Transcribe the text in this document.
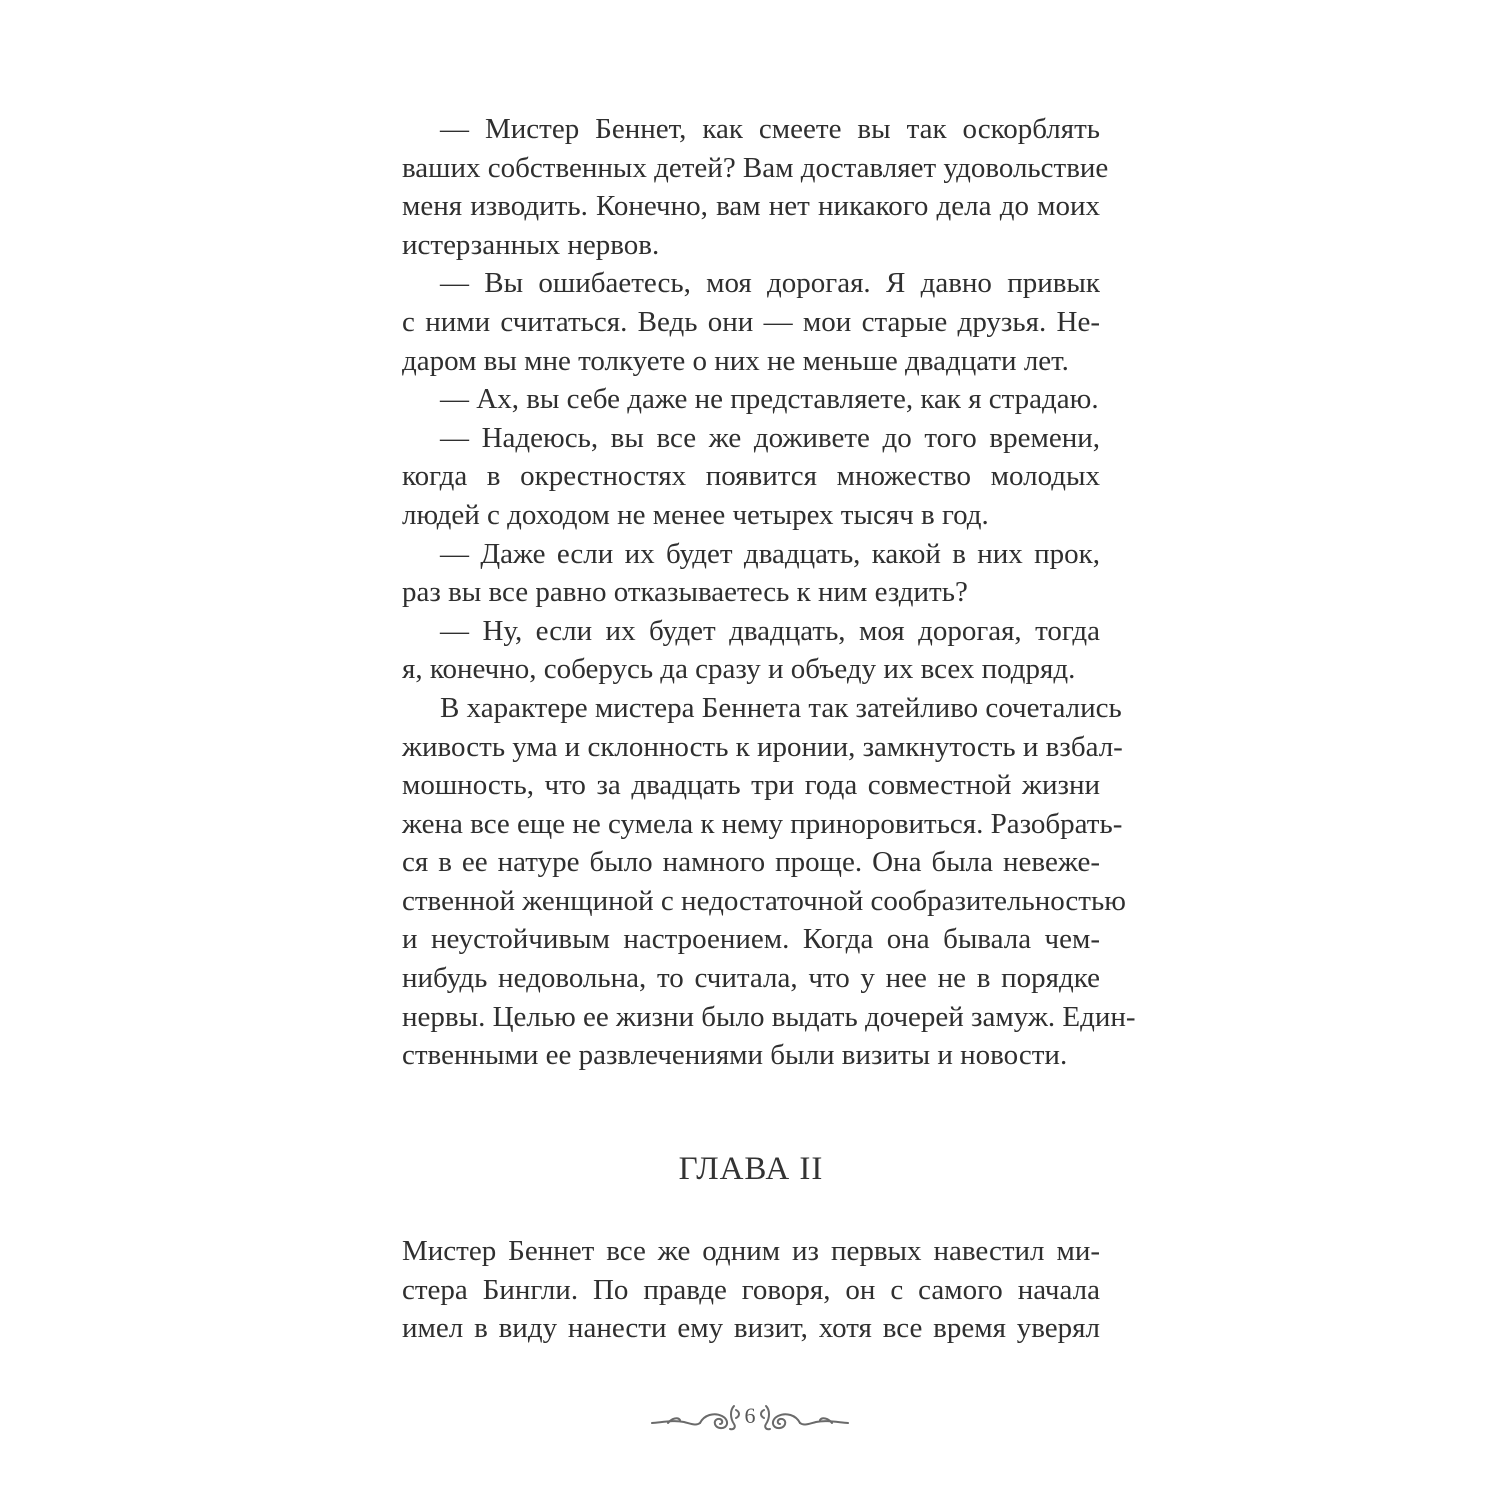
— Мистер Беннет, как смеете вы так оскорблять
ваших собственных детей? Вам доставляет удовольствие
меня изводить. Конечно, вам нет никакого дела до моих
истерзанных нервов.
— Вы ошибаетесь, моя дорогая. Я давно привык
с ними считаться. Ведь они — мои старые друзья. Не-
даром вы мне толкуете о них не меньше двадцати лет.
— Ах, вы себе даже не представляете, как я страдаю.
— Надеюсь, вы все же доживете до того времени,
когда в окрестностях появится множество молодых
людей с доходом не менее четырех тысяч в год.
— Даже если их будет двадцать, какой в них прок,
раз вы все равно отказываетесь к ним ездить?
— Ну, если их будет двадцать, моя дорогая, тогда
я, конечно, соберусь да сразу и объеду их всех подряд.
В характере мистера Беннета так затейливо сочетались
живость ума и склонность к иронии, замкнутость и взбал-
мошность, что за двадцать три года совместной жизни
жена все еще не сумела к нему приноровиться. Разобрать-
ся в ее натуре было намного проще. Она была невеже-
ственной женщиной с недостаточной сообразительностью
и неустойчивым настроением. Когда она бывала чем-
нибудь недовольна, то считала, что у нее не в порядке
нервы. Целью ее жизни было выдать дочерей замуж. Един-
ственными ее развлечениями были визиты и новости.
ГЛАВА II
Мистер Беннет все же одним из первых навестил ми-
стера Бингли. По правде говоря, он с самого начала
имел в виду нанести ему визит, хотя все время уверял
6
